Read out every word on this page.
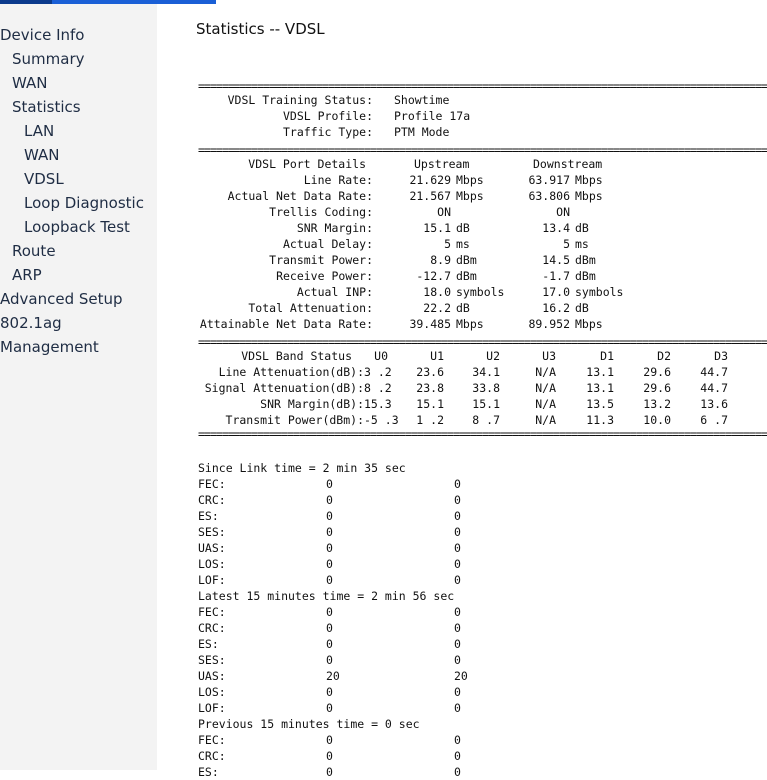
Device Info
Summary
WAN
Statistics
LAN
WAN
VDSL
Loop Diagnostic
Loopback Test
Route
ARP
Advanced Setup
802.1ag
Management
Statistics -- VDSL
================================================================================================
VDSL Training Status: Showtime
VDSL Profile: Profile 17a
Traffic Type: PTM Mode
================================================================================================
VDSL Port Details	Upstream	Downstream
Line Rate:	21.629 Mbps	63.917 Mbps
Actual Net Data Rate:	21.567 Mbps	63.806 Mbps
Trellis Coding:	ON	ON
SNR Margin:	15.1 dB	13.4 dB
Actual Delay:	5 ms	5 ms
Transmit Power:	8.9 dBm	14.5 dBm
Receive Power:	-12.7 dBm	-1.7 dBm
Actual INP:	18.0 symbols	17.0 symbols
Total Attenuation:	22.2 dB	16.2 dB
Attainable Net Data Rate:	39.485 Mbps	89.952 Mbps
================================================================================================
VDSL Band Status	U0	U1	U2	U3	D1	D2	D3
Line Attenuation(dB): 3 .2	23.6	34.1	N/A	13.1	29.6	44.7
Signal Attenuation(dB): 8 .2	23.8	33.8	N/A	13.1	29.6	44.7
SNR Margin(dB): 15.3	15.1	15.1	N/A	13.5	13.2	13.6
Transmit Power(dBm): -5 .3	1 .2	8 .7	N/A	11.3	10.0	6 .7
================================================================================================
Since Link time = 2 min 35 sec
FEC:	0	0
CRC:	0	0
ES:	0	0
SES:	0	0
UAS:	0	0
LOS:	0	0
LOF:	0	0
Latest 15 minutes time = 2 min 56 sec
FEC:	0	0
CRC:	0	0
ES:	0	0
SES:	0	0
UAS:	20	20
LOS:	0	0
LOF:	0	0
Previous 15 minutes time = 0 sec
FEC:	0	0
CRC:	0	0
ES:	0	0
